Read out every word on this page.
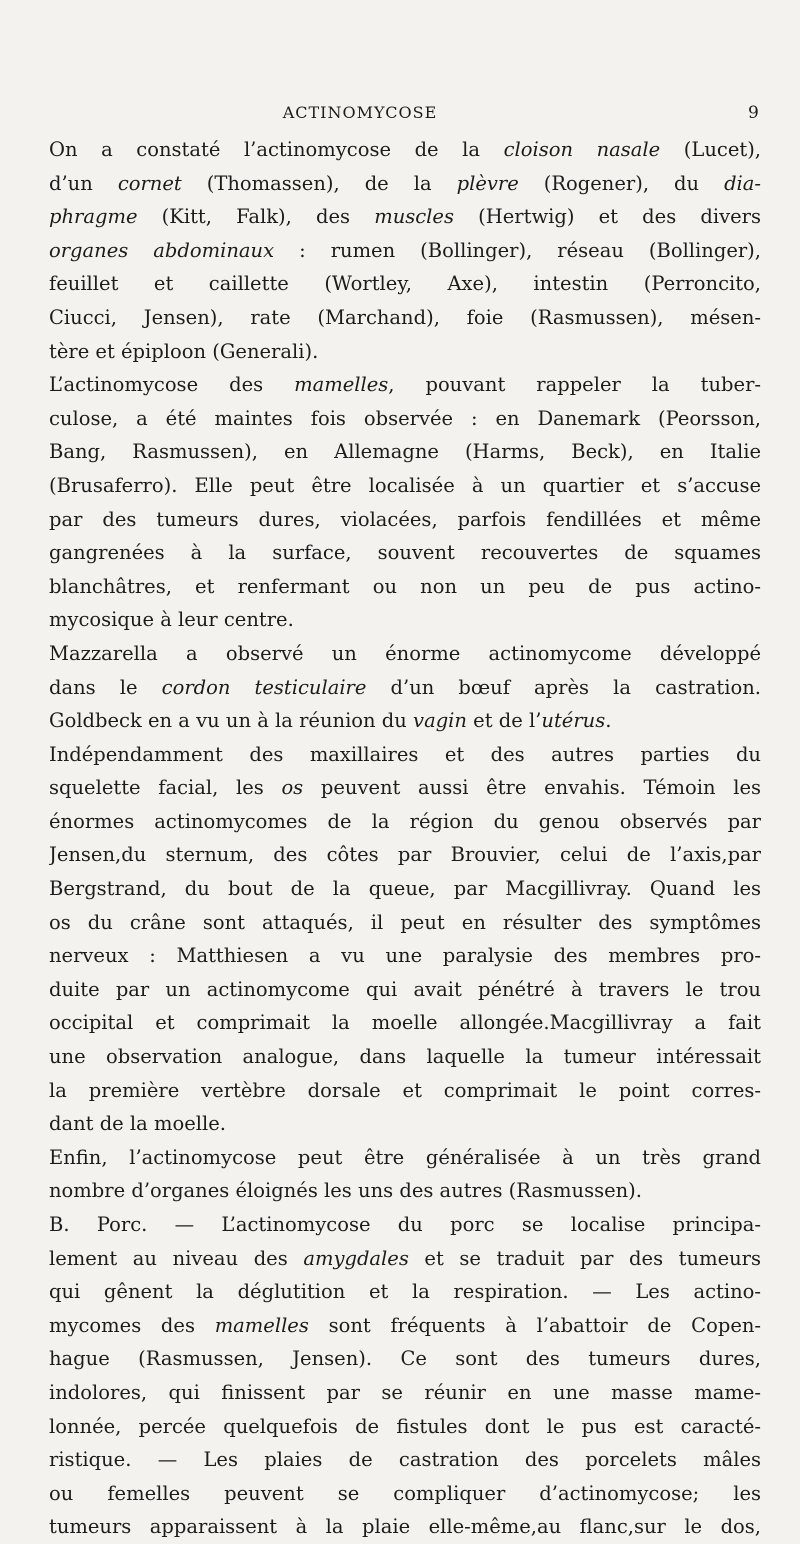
ACTINOMYCOSE	9
On a constaté l’actinomycose de la cloison nasale (Lucet),
d’un cornet (Thomassen), de la plèvre (Rogener), du dia-
phragme (Kitt, Falk), des muscles (Hertwig) et des divers
organes abdominaux : rumen (Bollinger), réseau (Bollinger),
feuillet et caillette (Wortley, Axe), intestin (Perroncito,
Ciucci, Jensen), rate (Marchand), foie (Rasmussen), mésen-
tère et épiploon (Generali).
L’actinomycose des mamelles, pouvant rappeler la tuber-
culose, a été maintes fois observée : en Danemark (Peorsson,
Bang, Rasmussen), en Allemagne (Harms, Beck), en Italie
(Brusaferro). Elle peut être localisée à un quartier et s’accuse
par des tumeurs dures, violacées, parfois fendillées et même
gangrenées à la surface, souvent recouvertes de squames
blanchâtres, et renfermant ou non un peu de pus actino-
mycosique à leur centre.
Mazzarella a observé un énorme actinomycome développé
dans le cordon testiculaire d’un bœuf après la castration.
Goldbeck en a vu un à la réunion du vagin et de l’utérus.
Indépendamment des maxillaires et des autres parties du
squelette facial, les os peuvent aussi être envahis. Témoin les
énormes actinomycomes de la région du genou observés par
Jensen,du sternum, des côtes par Brouvier, celui de l’axis,par
Bergstrand, du bout de la queue, par Macgillivray. Quand les
os du crâne sont attaqués, il peut en résulter des symptômes
nerveux : Matthiesen a vu une paralysie des membres pro-
duite par un actinomycome qui avait pénétré à travers le trou
occipital et comprimait la moelle allongée.Macgillivray a fait
une observation analogue, dans laquelle la tumeur intéressait
la première vertèbre dorsale et comprimait le point corres-
dant de la moelle.
Enfin, l’actinomycose peut être généralisée à un très grand
nombre d’organes éloignés les uns des autres (Rasmussen).
B. Porc. — L’actinomycose du porc se localise principa-
lement au niveau des amygdales et se traduit par des tumeurs
qui gênent la déglutition et la respiration. — Les actino-
mycomes des mamelles sont fréquents à l’abattoir de Copen-
hague (Rasmussen, Jensen). Ce sont des tumeurs dures,
indolores, qui finissent par se réunir en une masse mame-
lonnée, percée quelquefois de fistules dont le pus est caracté-
ristique. — Les plaies de castration des porcelets mâles
ou femelles peuvent se compliquer d’actinomycose; les
tumeurs apparaissent à la plaie elle-même,au flanc,sur le dos,
